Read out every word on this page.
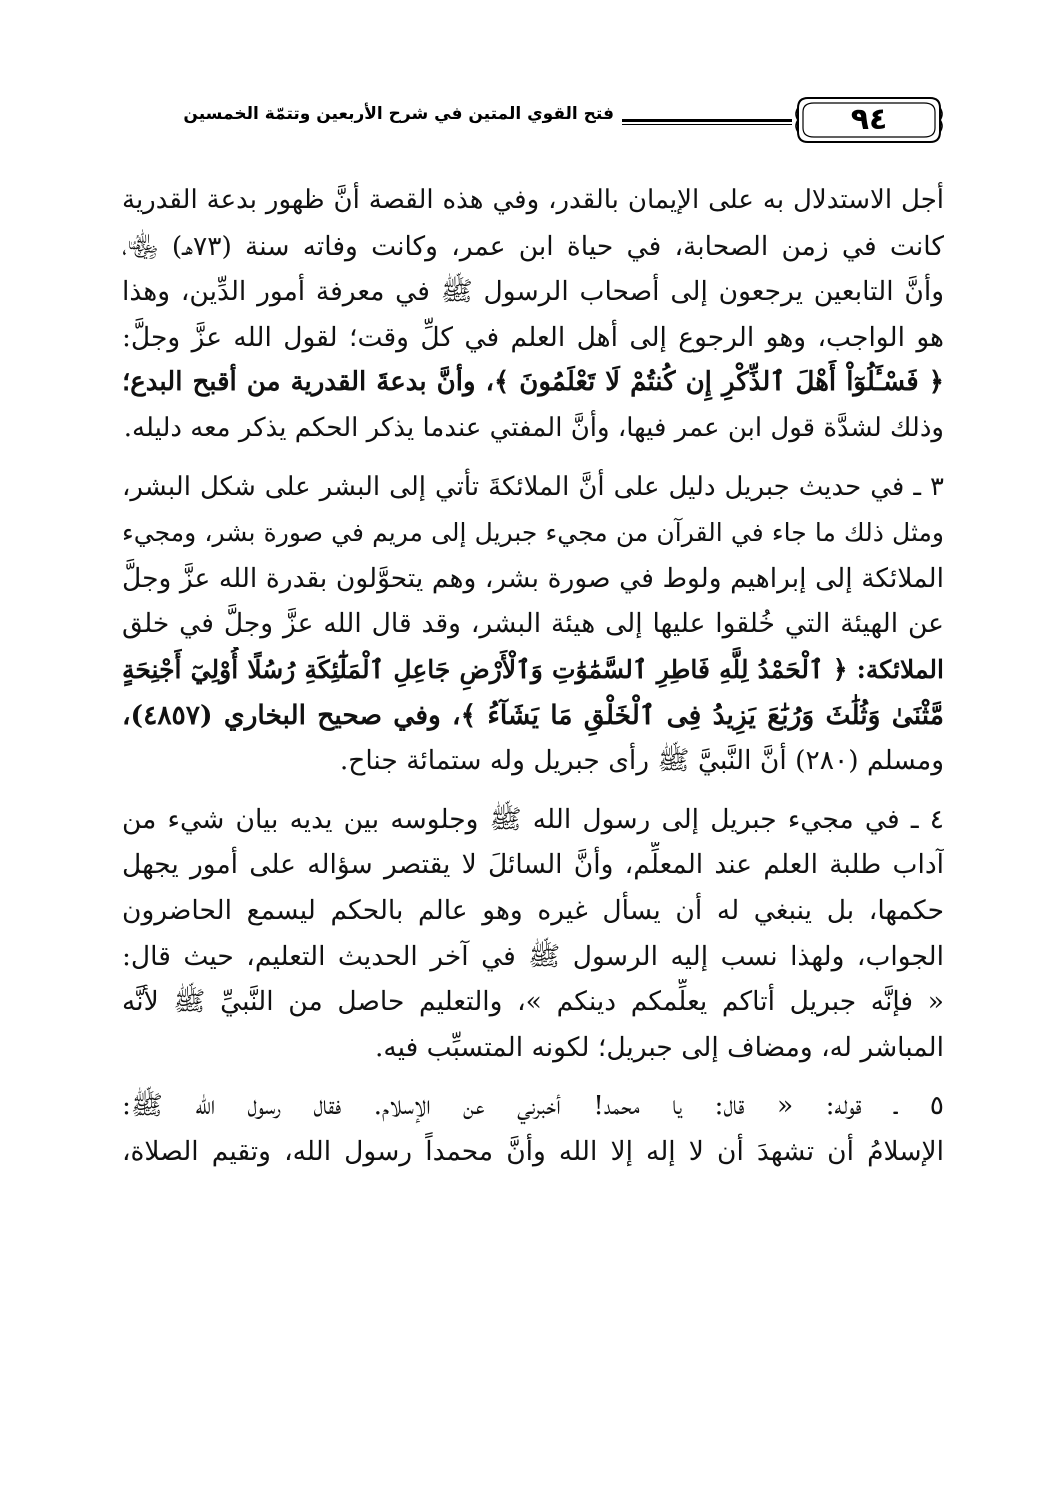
٩٤
فتح القوي المتين في شرح الأربعين وتتمّة الخمسين
أجل الاستدلال به على الإيمان بالقدر، وفي هذه القصة أنَّ ظهور بدعة القدرية
كانت في زمن الصحابة، في حياة ابن عمر، وكانت وفاته سنة (٧٣هـ) ﵄،
وأنَّ التابعين يرجعون إلى أصحاب الرسول ﷺ في معرفة أمور الدِّين، وهذا
هو الواجب، وهو الرجوع إلى أهل العلم في كلِّ وقت؛ لقول الله عزَّ وجلَّ:
﴿ فَسْـَٔلُوٓاْ أَهْلَ ٱلذِّكْرِ إِن كُنتُمْ لَا تَعْلَمُونَ ﴾، وأنَّ بدعةَ القدرية من أقبح البدع؛
وذلك لشدَّة قول ابن عمر فيها، وأنَّ المفتي عندما يذكر الحكم يذكر معه دليله.
٣ ـ في حديث جبريل دليل على أنَّ الملائكةَ تأتي إلى البشر على شكل البشر،
ومثل ذلك ما جاء في القرآن من مجيء جبريل إلى مريم في صورة بشر، ومجيء
الملائكة إلى إبراهيم ولوط في صورة بشر، وهم يتحوَّلون بقدرة الله عزَّ وجلَّ
عن الهيئة التي خُلقوا عليها إلى هيئة البشر، وقد قال الله عزَّ وجلَّ في خلق
الملائكة: ﴿ ٱلْحَمْدُ لِلَّهِ فَاطِرِ ٱلسَّمَٰوَٰتِ وَٱلْأَرْضِ جَاعِلِ ٱلْمَلَٰٓئِكَةِ رُسُلًا أُوْلِيٓ أَجْنِحَةٍ
مَّثْنَىٰ وَثُلَٰثَ وَرُبَٰعَ يَزِيدُ فِى ٱلْخَلْقِ مَا يَشَآءُ ﴾، وفي صحيح البخاري (٤٨٥٧)،
ومسلم (٢٨٠) أنَّ النَّبيَّ ﷺ رأى جبريل وله ستمائة جناح.
٤ ـ في مجيء جبريل إلى رسول الله ﷺ وجلوسه بين يديه بيان شيء من
آداب طلبة العلم عند المعلِّم، وأنَّ السائلَ لا يقتصر سؤاله على أمور يجهل
حكمها، بل ينبغي له أن يسأل غيره وهو عالم بالحكم ليسمع الحاضرون
الجواب، ولهذا نسب إليه الرسول ﷺ في آخر الحديث التعليم، حيث قال:
« فإنَّه جبريل أتاكم يعلِّمكم دينكم »، والتعليم حاصل من النَّبيِّ ﷺ لأنَّه
المباشر له، ومضاف إلى جبريل؛ لكونه المتسبِّب فيه.
٥ ـ قوله: « قال: يا محمد! أخبرني عن الإسلام. فقال رسول الله ﷺ:
الإسلامُ أن تشهدَ أن لا إله إلا الله وأنَّ محمداً رسول الله، وتقيم الصلاة،
